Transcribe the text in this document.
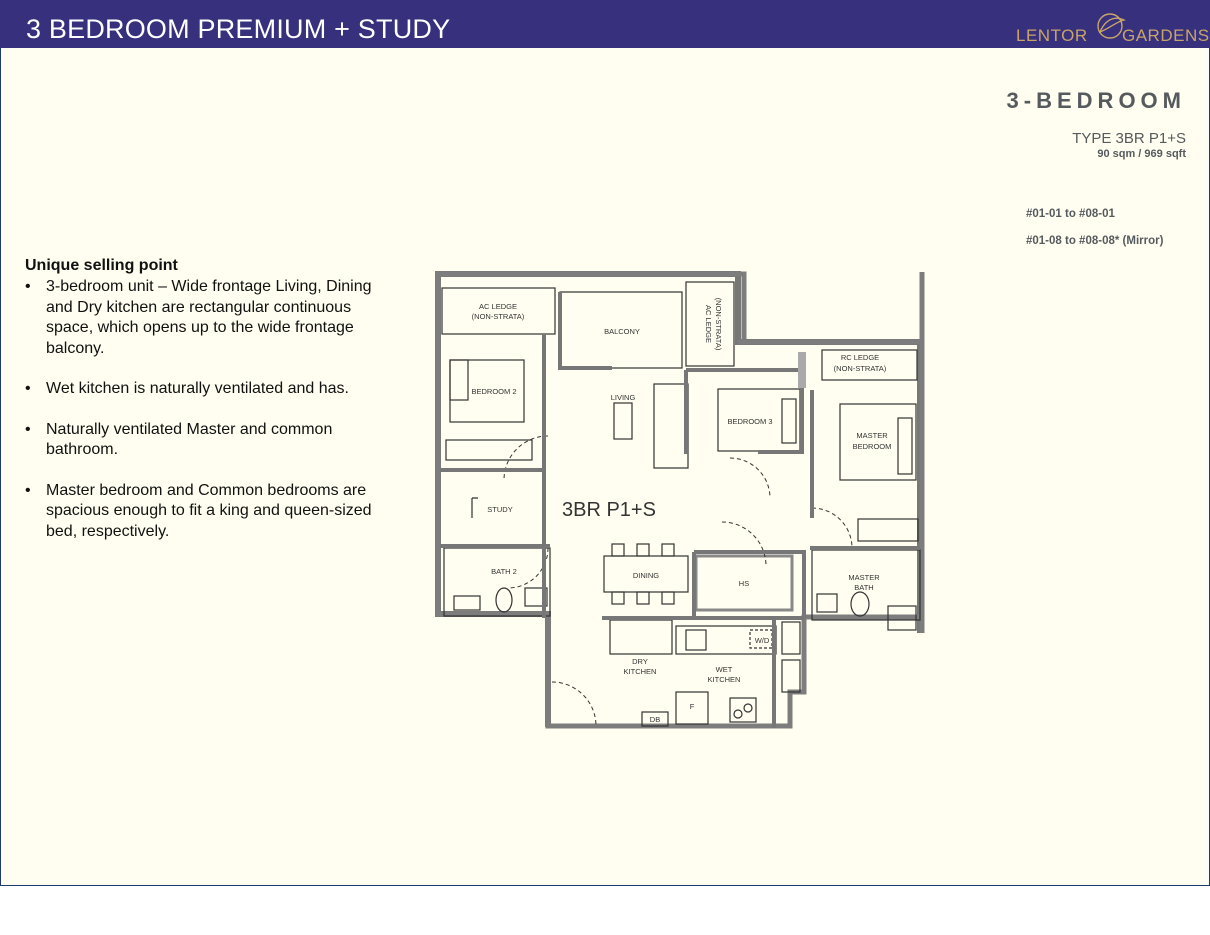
3 BEDROOM PREMIUM + STUDY	LENTOR GARDENS
3-BEDROOM
TYPE 3BR P1+S
90 sqm / 969 sqft
#01-01 to #08-01
#01-08 to #08-08* (Mirror)
Unique selling point
• 3-bedroom unit – Wide frontage Living, Dining and Dry kitchen are rectangular continuous space, which opens up to the wide frontage balcony.
• Wet kitchen is naturally ventilated and has.
• Naturally ventilated Master and common bathroom.
• Master bedroom and Common bedrooms are spacious enough to fit a king and queen-sized bed, respectively.
AC LEDGE
(NON-STRATA)
BALCONY
RC LEDGE
(NON-STRATA)
BEDROOM 2
LIVING
BEDROOM 3
MASTER
BEDROOM
STUDY
BATH 2	DINING
HS
MASTER
BATH
W/D
DRY
KITCHEN	WET
KITCHEN
F
DB
AC LEDGE (NON-STRATA)
3BR P1+S
